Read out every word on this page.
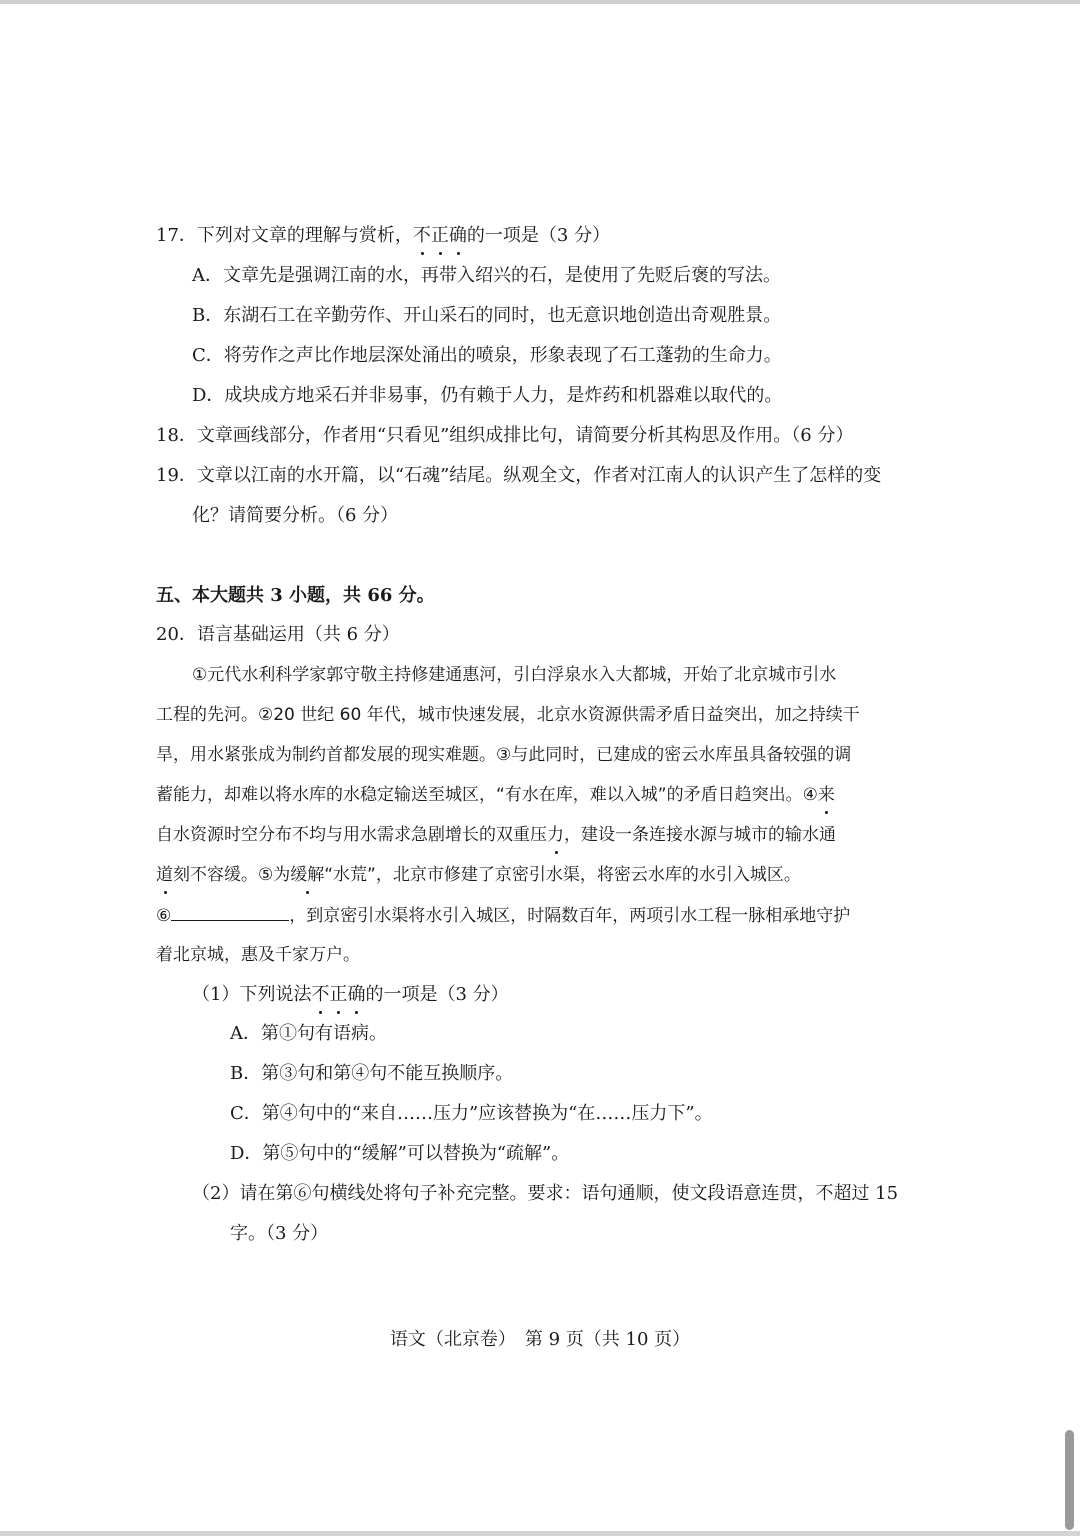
17．下列对文章的理解与赏析，不正确的一项是（3 分）
A．文章先是强调江南的水，再带入绍兴的石，是使用了先贬后褒的写法。
B．东湖石工在辛勤劳作、开山采石的同时，也无意识地创造出奇观胜景。
C．将劳作之声比作地层深处涌出的喷泉，形象表现了石工蓬勃的生命力。
D．成块成方地采石并非易事，仍有赖于人力，是炸药和机器难以取代的。
18．文章画线部分，作者用“只看见”组织成排比句，请简要分析其构思及作用。（6 分）
19．文章以江南的水开篇，以“石魂”结尾。纵观全文，作者对江南人的认识产生了怎样的变
化？请简要分析。（6 分）
五、本大题共 3 小题，共 66 分。
20．语言基础运用（共 6 分）
①元代水利科学家郭守敬主持修建通惠河，引白浮泉水入大都城，开始了北京城市引水
工程的先河。②20 世纪 60 年代，城市快速发展，北京水资源供需矛盾日益突出，加之持续干
旱，用水紧张成为制约首都发展的现实难题。③与此同时，已建成的密云水库虽具备较强的调
蓄能力，却难以将水库的水稳定输送至城区，“有水在库，难以入城”的矛盾日趋突出。④来
自水资源时空分布不均与用水需求急剧增长的双重压力，建设一条连接水源与城市的输水通
道刻不容缓。⑤为缓解“水荒”，北京市修建了京密引水渠，将密云水库的水引入城区。
⑥	，到京密引水渠将水引入城区，时隔数百年，两项引水工程一脉相承地守护
着北京城，惠及千家万户。
（1）下列说法不正确的一项是（3 分）
A．第①句有语病。
B．第③句和第④句不能互换顺序。
C．第④句中的“来自……压力”应该替换为“在……压力下”。
D．第⑤句中的“缓解”可以替换为“疏解”。
（2）请在第⑥句横线处将句子补充完整。要求：语句通顺，使文段语意连贯，不超过 15
字。（3 分）
语文（北京卷）　第 9 页（共 10 页）
